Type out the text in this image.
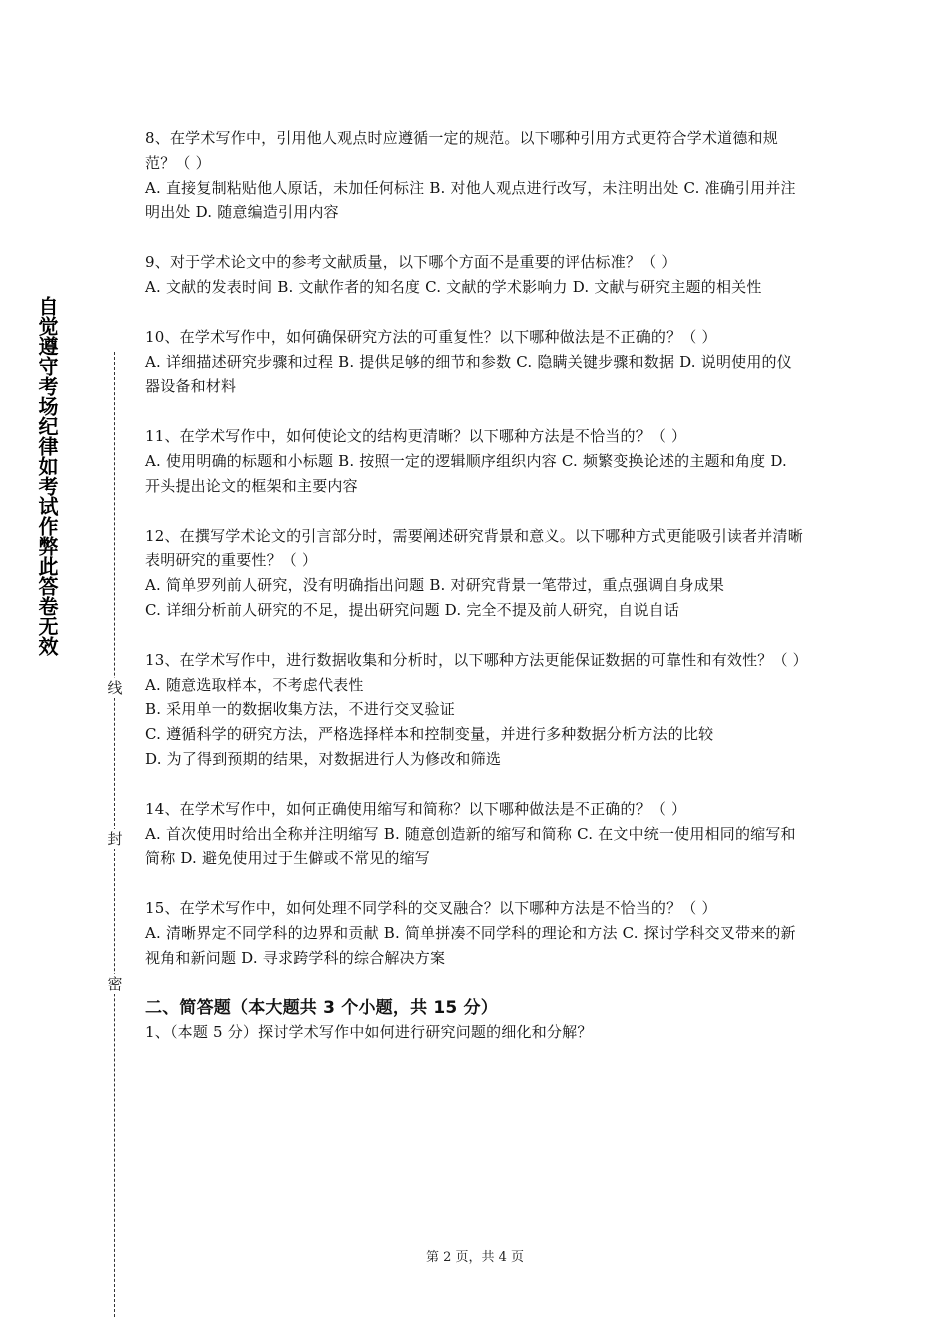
自觉遵守考场纪律如考试作弊此答卷无效
线
封
密

8、在学术写作中，引用他人观点时应遵循一定的规范。以下哪种引用方式更符合学术道德和规范？（ ）

A. 直接复制粘贴他人原话，未加任何标注 B. 对他人观点进行改写，未注明出处 C. 准确引用并注明出处 D. 随意编造引用内容

9、对于学术论文中的参考文献质量，以下哪个方面不是重要的评估标准？（ ）

A. 文献的发表时间 B. 文献作者的知名度 C. 文献的学术影响力 D. 文献与研究主题的相关性

10、在学术写作中，如何确保研究方法的可重复性？以下哪种做法是不正确的？（ ）

A. 详细描述研究步骤和过程 B. 提供足够的细节和参数 C. 隐瞒关键步骤和数据 D. 说明使用的仪器设备和材料

11、在学术写作中，如何使论文的结构更清晰？以下哪种方法是不恰当的？（ ）

A. 使用明确的标题和小标题 B. 按照一定的逻辑顺序组织内容 C. 频繁变换论述的主题和角度 D. 开头提出论文的框架和主要内容

12、在撰写学术论文的引言部分时，需要阐述研究背景和意义。以下哪种方式更能吸引读者并清晰表明研究的重要性？（ ）

A. 简单罗列前人研究，没有明确指出问题 B. 对研究背景一笔带过，重点强调自身成果

C. 详细分析前人研究的不足，提出研究问题 D. 完全不提及前人研究，自说自话

13、在学术写作中，进行数据收集和分析时，以下哪种方法更能保证数据的可靠性和有效性？（ ）

A. 随意选取样本，不考虑代表性

B. 采用单一的数据收集方法，不进行交叉验证

C. 遵循科学的研究方法，严格选择样本和控制变量，并进行多种数据分析方法的比较

D. 为了得到预期的结果，对数据进行人为修改和筛选

14、在学术写作中，如何正确使用缩写和简称？以下哪种做法是不正确的？（ ）

A. 首次使用时给出全称并注明缩写 B. 随意创造新的缩写和简称 C. 在文中统一使用相同的缩写和简称 D. 避免使用过于生僻或不常见的缩写

15、在学术写作中，如何处理不同学科的交叉融合？以下哪种方法是不恰当的？（ ）

A. 清晰界定不同学科的边界和贡献 B. 简单拼凑不同学科的理论和方法 C. 探讨学科交叉带来的新视角和新问题 D. 寻求跨学科的综合解决方案

二、简答题（本大题共 3 个小题，共 15 分）

1、（本题 5 分）探讨学术写作中如何进行研究问题的细化和分解？

第 2 页，共 4 页
